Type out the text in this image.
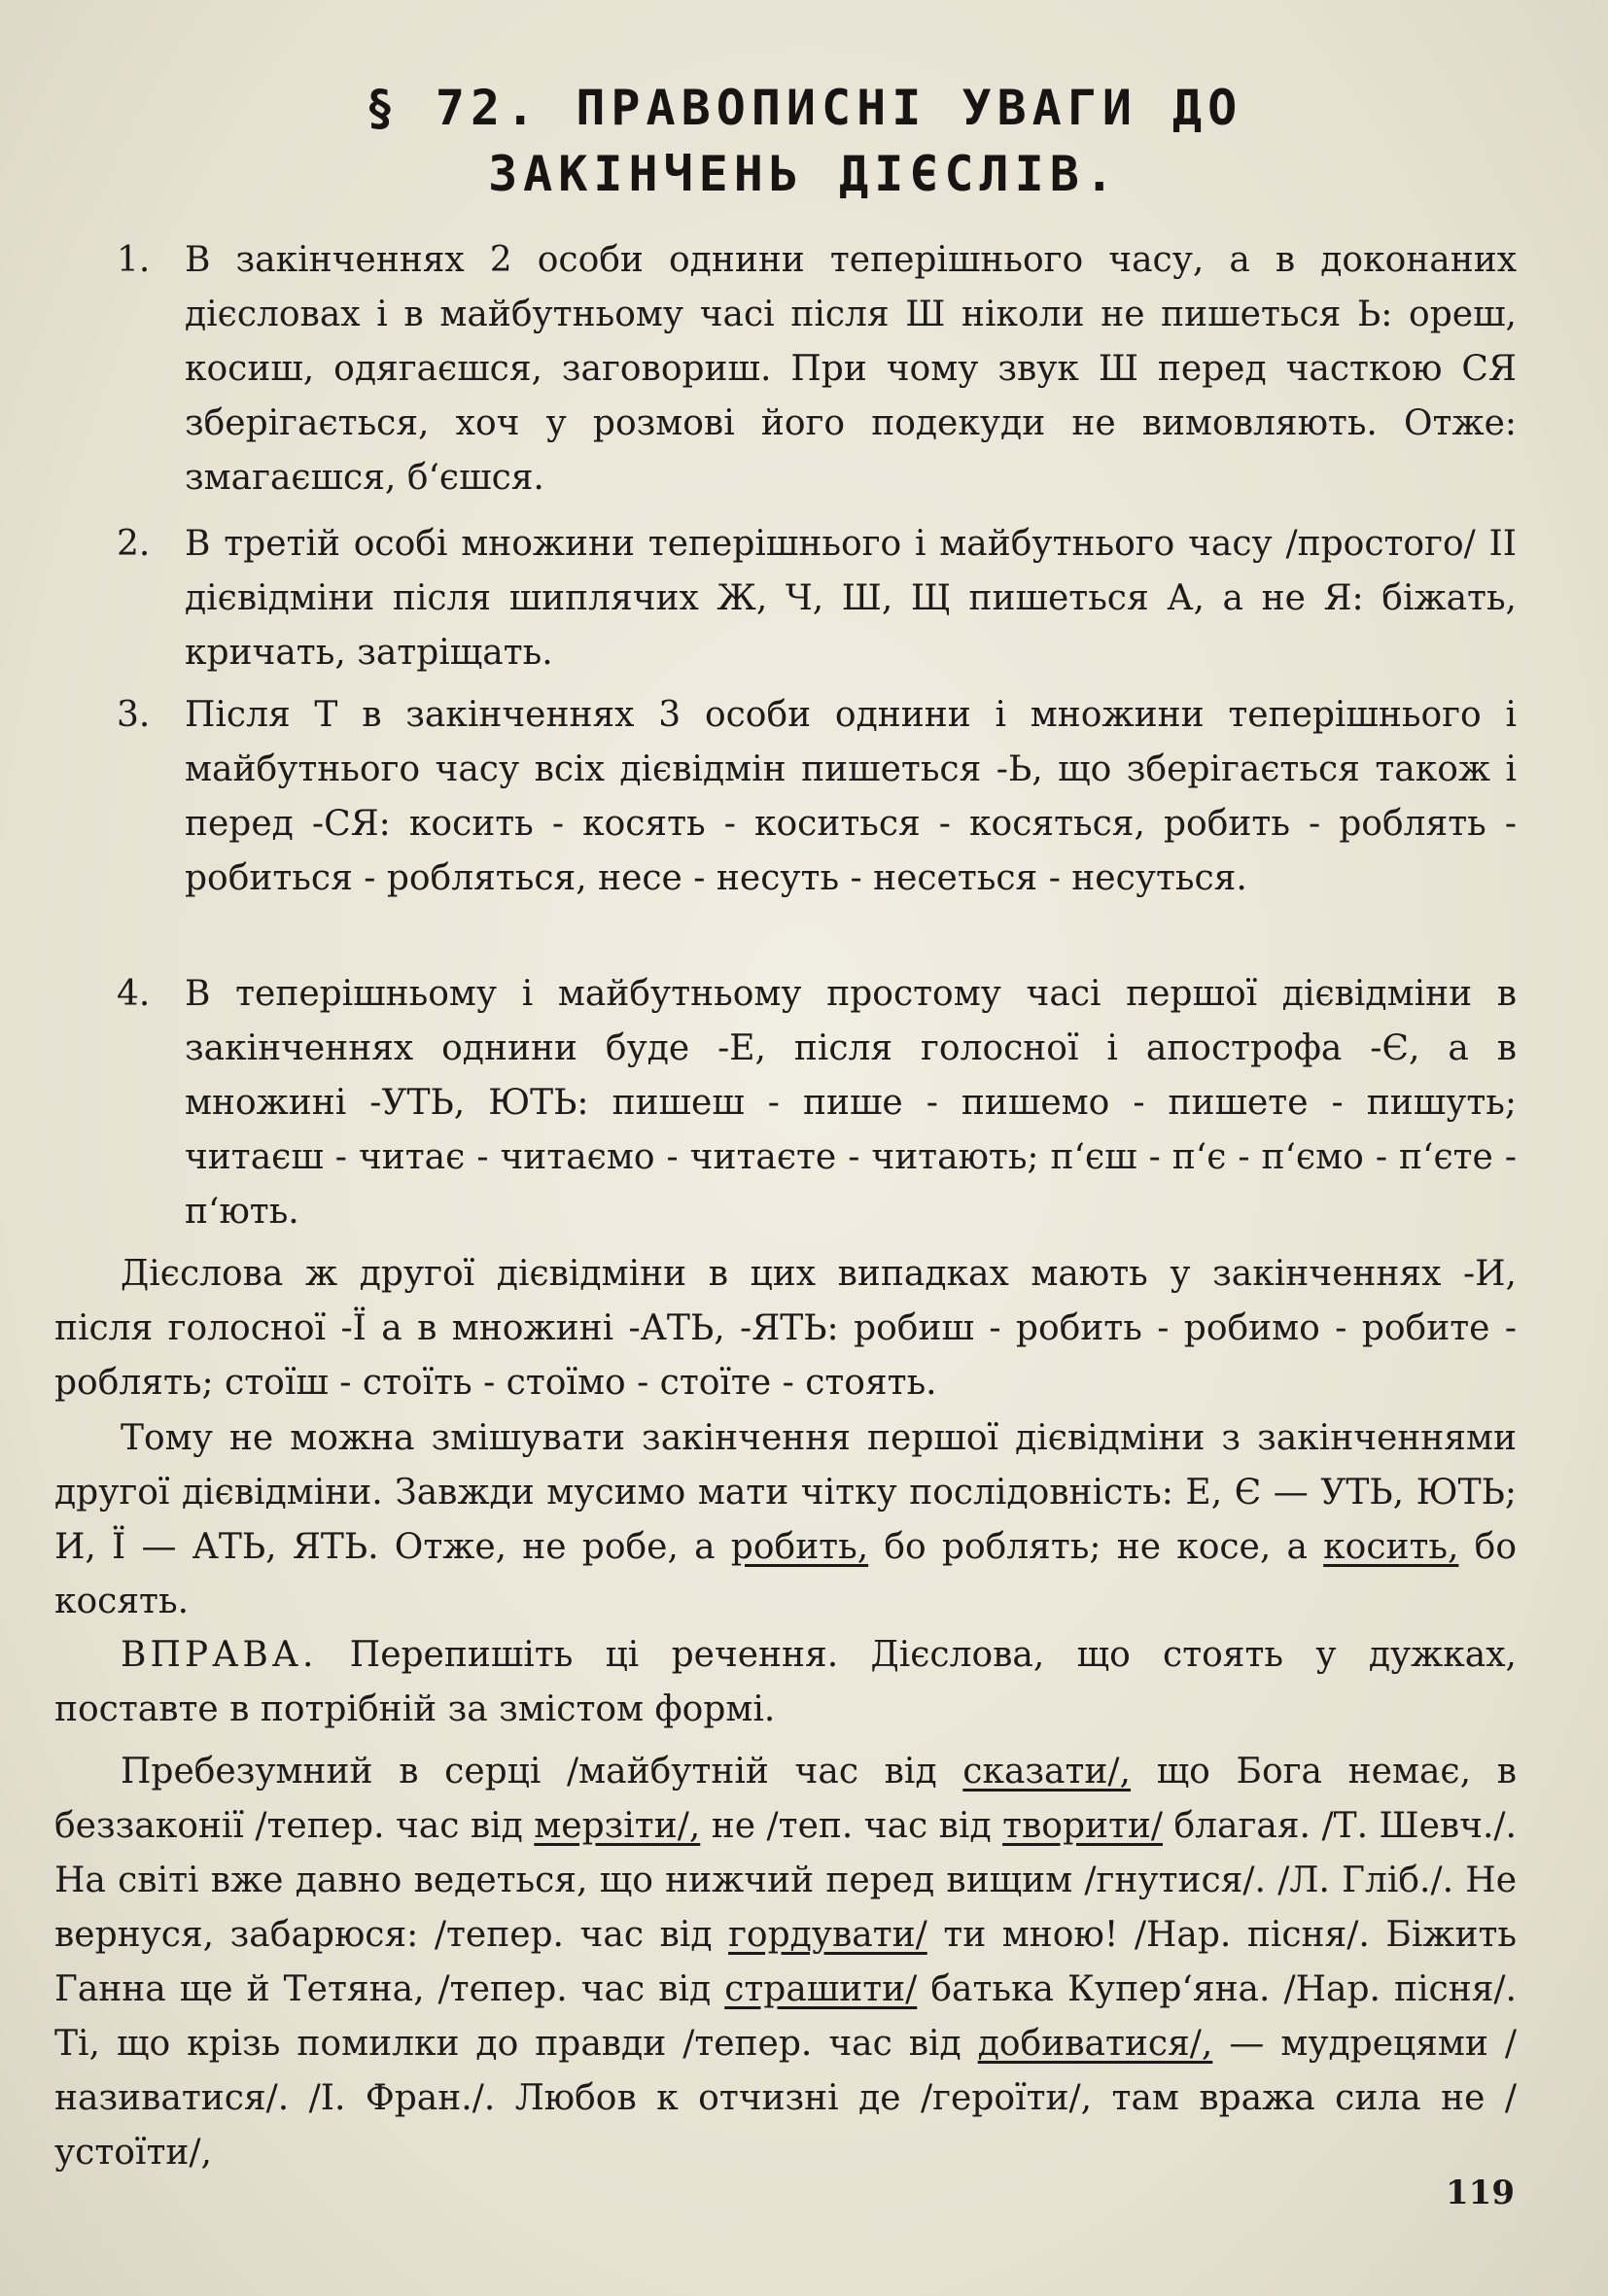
§ 72. ПРАВОПИСНІ УВАГИ ДО
ЗАКІНЧЕНЬ ДІЄСЛІВ.
1. В закінченнях 2 особи однини теперішнього часу, а в доконаних дієсловах і в майбутньому часі після Ш ніколи не пишеться Ь: ореш, косиш, одягаєшся, заговориш. При чому звук Ш перед часткою СЯ зберігається, хоч у розмові його подекуди не вимовляють. Отже: змагаєшся, б‘єшся.
2. В третій особі множини теперішнього і майбутнього часу /простого/ II дієвідміни після шиплячих Ж, Ч, Ш, Щ пишеться А, а не Я: біжать, кричать, затріщать.
3. Після Т в закінченнях 3 особи однини і множини теперішнього і майбутнього часу всіх дієвідмін пишеться -Ь, що зберігається також і перед -СЯ: косить - косять - коситься - косяться, робить - роблять - робиться - робляться, несе - несуть - несеться - несуться.
4. В теперішньому і майбутньому простому часі першої дієвідміни в закінченнях однини буде -Е, після голосної і апострофа -Є, а в множині -УТЬ, ЮТЬ: пишеш - пише - пишемо - пишете - пишуть; читаєш - читає - читаємо - читаєте - читають; п‘єш - п‘є - п‘ємо - п‘єте - п‘ють.
Дієслова ж другої дієвідміни в цих випадках мають у закінченнях -И, після голосної -Ї а в множині -АТЬ, -ЯТЬ: робиш - робить - робимо - робите - роблять; стоїш - стоїть - стоїмо - стоїте - стоять.
Тому не можна змішувати закінчення першої дієвідміни з закінченнями другої дієвідміни. Завжди мусимо мати чітку послідовність: Е, Є — УТЬ, ЮТЬ; И, Ї — АТЬ, ЯТЬ. Отже, не робе, а робить, бо роблять; не косе, а косить, бо косять.
ВПРАВА. Перепишіть ці речення. Дієслова, що стоять у дужках, поставте в потрібній за змістом формі.
Пребезумний в серці /майбутній час від сказати/, що Бога немає, в беззаконії /тепер. час від мерзіти/, не /теп. час від творити/ благая. /Т. Шевч./. На світі вже давно ведеться, що нижчий перед вищим /гнутися/. /Л. Гліб./. Не вернуся, забарюся: /тепер. час від гордувати/ ти мною! /Нар. пісня/. Біжить Ганна ще й Тетяна, /тепер. час від страшити/ батька Купер‘яна. /Нар. пісня/. Ті, що крізь помилки до правди /тепер. час від добиватися/, — мудрецями /називатися/. /І. Фран./. Любов к отчизні де /героїти/, там вража сила не /устоїти/,
119
